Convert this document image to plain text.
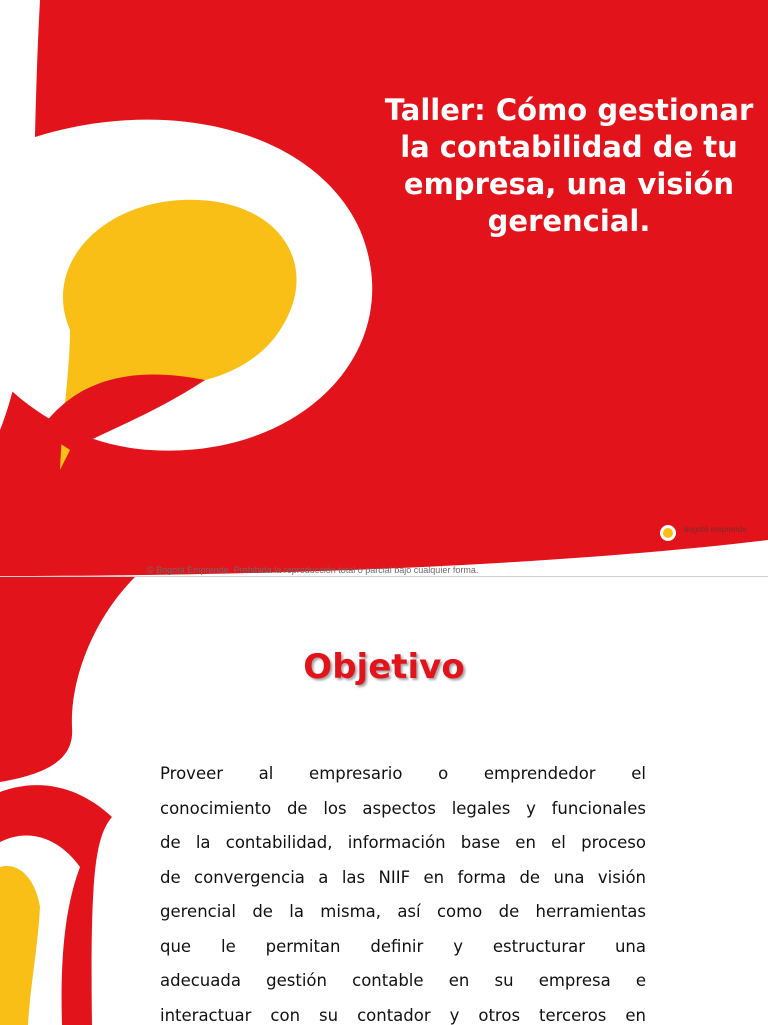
Taller: Cómo gestionar
la contabilidad de tu
empresa, una visión
gerencial.
bogotá emprende
© Bogotá Emprende. Prohibida la reproducción total o parcial bajo cualquier forma.
Objetivo

Proveer al empresario o emprendedor el
conocimiento de los aspectos legales y funcionales
de la contabilidad, información base en el proceso
de convergencia a las NIIF en forma de una visión
gerencial de la misma, así como de herramientas
que le permitan definir y estructurar una
adecuada gestión contable en su empresa e
interactuar con su contador y otros terceros en
